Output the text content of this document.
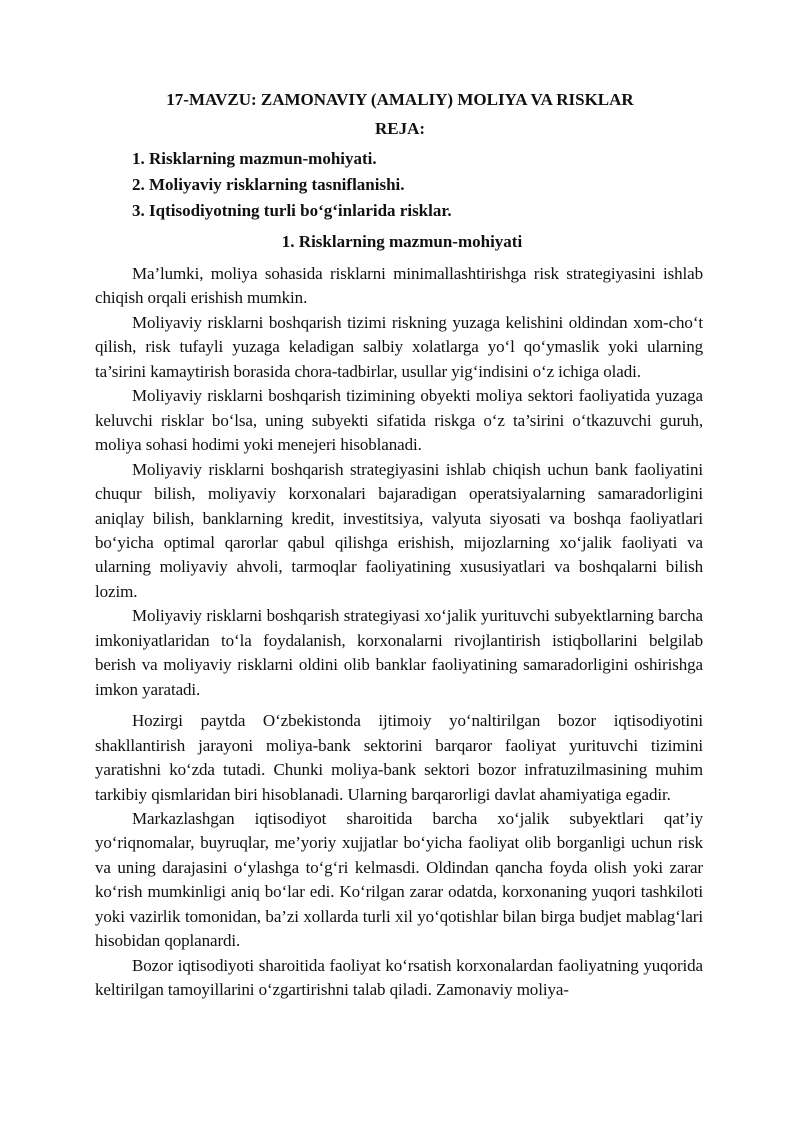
17-MAVZU: ZAMONAVIY (AMALIY) MOLIYA VA RISKLAR
REJA:
1. Risklarning mazmun-mohiyati.
2. Moliyaviy risklarning tasniflanishi.
3. Iqtisodiyotning turli bo‘g‘inlarida risklar.
1. Risklarning mazmun-mohiyati

Ma’lumki, moliya sohasida risklarni minimallashtirishga risk strategiyasini ishlab chiqish orqali erishish mumkin.

Moliyaviy risklarni boshqarish tizimi riskning yuzaga kelishini oldindan xom-cho‘t qilish, risk tufayli yuzaga keladigan salbiy xolatlarga yo‘l qo‘ymaslik yoki ularning ta’sirini kamaytirish borasida chora-tadbirlar, usullar yig‘indisini o‘z ichiga oladi.

Moliyaviy risklarni boshqarish tizimining obyekti moliya sektori faoliyatida yuzaga keluvchi risklar bo‘lsa, uning subyekti sifatida riskga o‘z ta’sirini o‘tkazuvchi guruh, moliya sohasi hodimi yoki menejeri hisoblanadi.

Moliyaviy risklarni boshqarish strategiyasini ishlab chiqish uchun bank faoliyatini chuqur bilish, moliyaviy korxonalari bajaradigan operatsiyalarning samaradorligini aniqlay bilish, banklarning kredit, investitsiya, valyuta siyosati va boshqa faoliyatlari bo‘yicha optimal qarorlar qabul qilishga erishish, mijozlarning xo‘jalik faoliyati va ularning moliyaviy ahvoli, tarmoqlar faoliyatining xususiyatlari va boshqalarni bilish lozim.

Moliyaviy risklarni boshqarish strategiyasi xo‘jalik yurituvchi subyektlarning barcha imkoniyatlaridan to‘la foydalanish, korxonalarni rivojlantirish istiqbollarini belgilab berish va moliyaviy risklarni oldini olib banklar faoliyatining samaradorligini oshirishga imkon yaratadi.

Hozirgi paytda O‘zbekistonda ijtimoiy yo‘naltirilgan bozor iqtisodiyotini shakllantirish jarayoni moliya-bank sektorini barqaror faoliyat yurituvchi tizimini yaratishni ko‘zda tutadi. Chunki moliya-bank sektori bozor infratuzilmasining muhim tarkibiy qismlaridan biri hisoblanadi. Ularning barqarorligi davlat ahamiyatiga egadir.

Markazlashgan iqtisodiyot sharoitida barcha xo‘jalik subyektlari qat’iy yo‘riqnomalar, buyruqlar, me’yoriy xujjatlar bo‘yicha faoliyat olib borganligi uchun risk va uning darajasini o‘ylashga to‘g‘ri kelmasdi. Oldindan qancha foyda olish yoki zarar ko‘rish mumkinligi aniq bo‘lar edi. Ko‘rilgan zarar odatda, korxonaning yuqori tashkiloti yoki vazirlik tomonidan, ba’zi xollarda turli xil yo‘qotishlar bilan birga budjet mablag‘lari hisobidan qoplanardi.

Bozor iqtisodiyoti sharoitida faoliyat ko‘rsatish korxonalardan faoliyatning yuqorida keltirilgan tamoyillarini o‘zgartirishni talab qiladi. Zamonaviy moliya-
